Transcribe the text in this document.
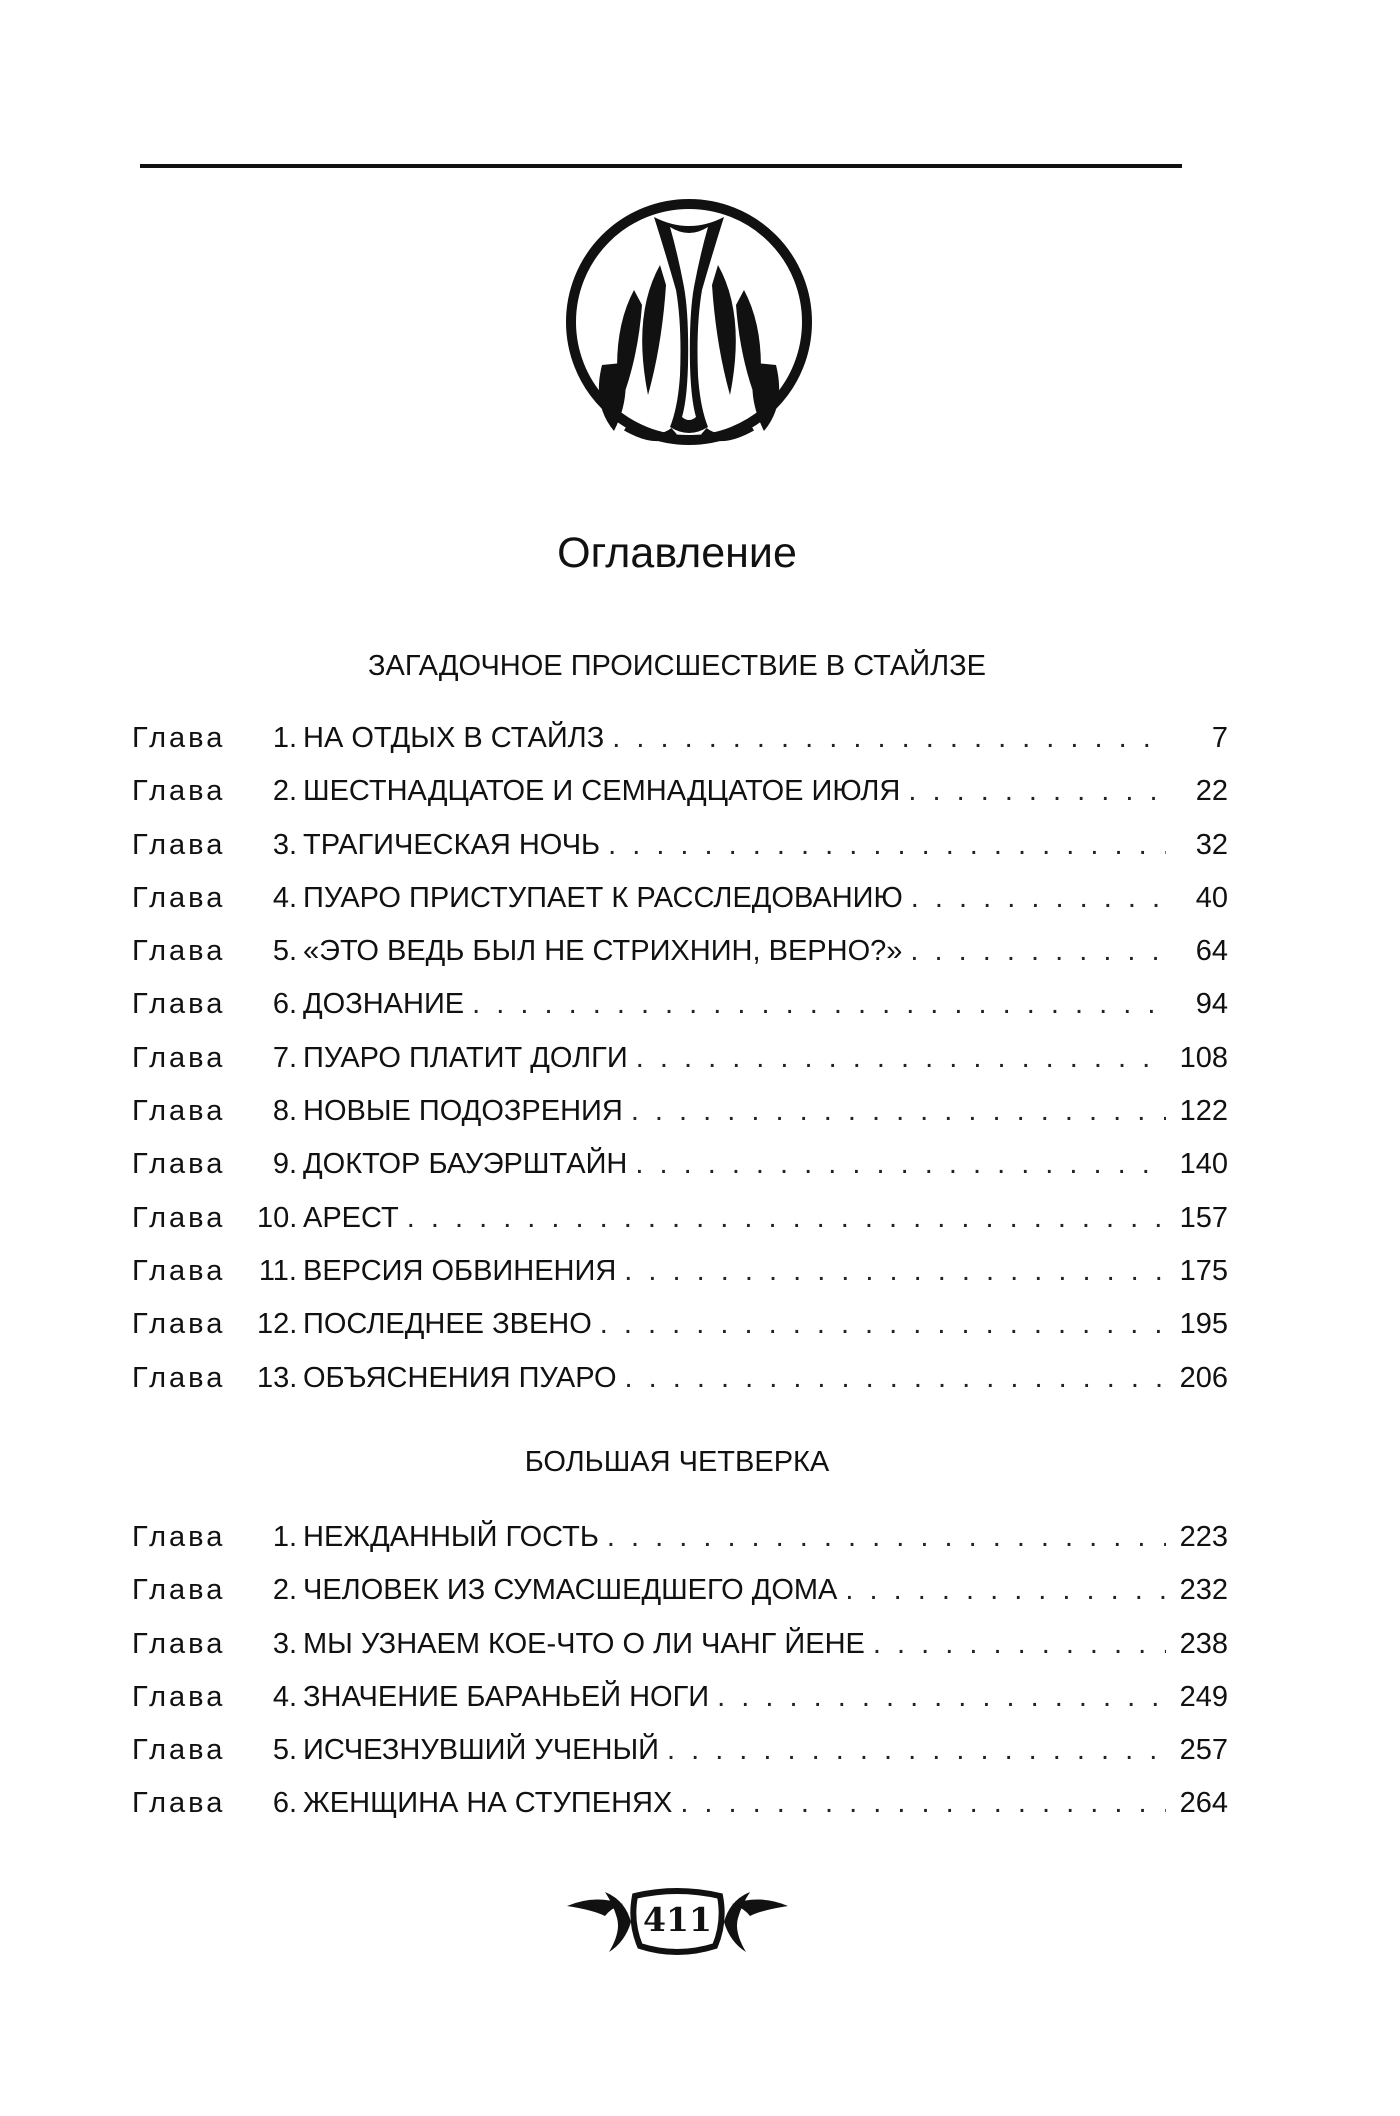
Оглавление
ЗАГАДОЧНОЕ ПРОИСШЕСТВИЕ В СТАЙЛЗЕ
Глава	1. НА ОТДЫХ В СТАЙЛЗ . . .	7
Глава	2. ШЕСТНАДЦАТОЕ И СЕМНАДЦАТОЕ ИЮЛЯ . . .	22
Глава	3. ТРАГИЧЕСКАЯ НОЧЬ . . .	32
Глава	4. ПУАРО ПРИСТУПАЕТ К РАССЛЕДОВАНИЮ . . .	40
Глава	5. «ЭТО ВЕДЬ БЫЛ НЕ СТРИХНИН, ВЕРНО?» . . .	64
Глава	6. ДОЗНАНИЕ . . .	94
Глава	7. ПУАРО ПЛАТИТ ДОЛГИ . . .	108
Глава	8. НОВЫЕ ПОДОЗРЕНИЯ . . .	122
Глава	9. ДОКТОР БАУЭРШТАЙН . . .	140
Глава	10. АРЕСТ . . .	157
Глава	11. ВЕРСИЯ ОБВИНЕНИЯ . . .	175
Глава	12. ПОСЛЕДНЕЕ ЗВЕНО . . .	195
Глава	13. ОБЪЯСНЕНИЯ ПУАРО . . .	206
БОЛЬШАЯ ЧЕТВЕРКА
Глава	1. НЕЖДАННЫЙ ГОСТЬ . . .	223
Глава	2. ЧЕЛОВЕК ИЗ СУМАСШЕДШЕГО ДОМА . . .	232
Глава	3. МЫ УЗНАЕМ КОЕ-ЧТО О ЛИ ЧАНГ ЙЕНЕ . . .	238
Глава	4. ЗНАЧЕНИЕ БАРАНЬЕЙ НОГИ . . .	249
Глава	5. ИСЧЕЗНУВШИЙ УЧЕНЫЙ . . .	257
Глава	6. ЖЕНЩИНА НА СТУПЕНЯХ . . .	264
411
